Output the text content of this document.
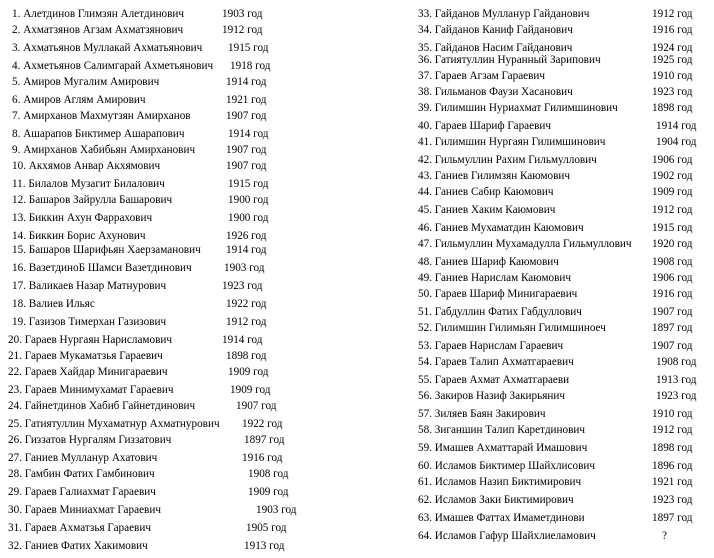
1. Алетдинов Глимзян Алетдинович	1903 год
2. Ахматзянов Агзам Ахматзянович	1912 год
3. Ахматьянов Муллакай Ахматьянович 1915 год
4. Ахметьянов Салимгарай Ахметьянович 1918 год
5. Амиров Мугалим Амирович	1914 год
6. Амиров Аглям Амирович	1921 год
7. Амирханов Махмутзян Амирханов	1907 год
8. Ашарапов Биктимер Ашарапович	1914 год
9. Амирханов Хабибьян Амирханович	1907 год
10. Акхямов Анвар Акхямович	1907 год
11. Билалов Музагит Билалович	1915 год
12. Башаров Зайрулла Башарович	1900 год
13. Биккин Ахун Фаррахович	1900 год
14. Биккин Борис Ахунович	1926 год
15. Башаров Шарифьян Хаерзаманович 1914 год
16. ВазетдиноБ Шамси Вазетдинович	1903 год
17. Валикаев Назар Матнурович	1923 год
18. Валиев Ильяс	1922 год
19. Газизов Тимерхан Газизович	1912 год
20. Гараев Нургаян Нарисламович	1914 год
21. Гараев Мукаматзья Гараевич	1898 год
22. Гараев Хайдар Минигараевич	1909 год
23. Гараев Минимухамат Гараевич	1909 год
24. Гайнетдинов Хабиб Гайнетдинович	1907 год
25. Гатиятуллин Мухаматнур Ахматнурович 1922 год
26. Гиззатов Нургалям Гиззатович	1897 год
27. Ганиев Мулланур Ахатович	1916 год
28. Гамбин Фатих Гамбинович	1908 год
29. Гараев Галиахмат Гараевич	1909 год
30. Гараев Миниахмат Гараевич	1903 год
31. Гараев Ахматзья Гараевич	1905 год
32. Ганиев Фатих Хакимович	1913 год
33. Гайданов Мулланур Гайданович	1912 год
34. Гайданов Каниф Гайданович	1916 год
35. Гайданов Насим Гайданович	1924 год
36. Гатиятуллин Нуранный Зарипович	1925 год
37. Гараев Агзам Гараевич	1910 год
38. Гильманов Фаузи Хасанович	1923 год
39. Гилимшин Нуриахмат Гилимшинович	1898 год
40. Гараев Шариф Гараевич	1914 год
41. Гилимшин Нургаян Гилимшинович	1904 год
42. Гильмуллин Рахим Гильмуллович	1906 год
43. Ганиев Гилимзян Каюмович	1902 год
44. Ганиев Сабир Каюмович	1909 год
45. Ганиев Хаким Каюмович	1912 год
46. Ганиев Мухаматдин Каюмович	1915 год
47. Гильмуллин Мухамадулла Гильмуллович 1920 год
48. Ганиев Шариф Каюмович	1908 год
49. Ганиев Нарислам Каюмович	1906 год
50. Гараев Шариф Минигараевич	1916 год
51. Габдуллин Фатих Габдуллович	1907 год
52. Гилимшин Гилимьян Гилимшиноеч	1897 год
53. Гараев Нарислам Гараевич	1907 год
54. Гараев Талип Ахматгараевич	1908 год
55. Гараев Ахмат Ахматгараеви	1913 год
56. Закиров Назиф Закирьянич	1923 год
57. Зиляев Баян Закирович	1910 год
58. Зиганшин Талип Каретдинович	1912 год
59. Имашев Ахматтарай Имашович	1898 год
60. Исламов Биктимер Шайхлисович	1896 год
61. Исламов Назип Биктимирович	1921 год
62. Исламов Заки Биктимирович	1923 год
63. Имашев Фаттах Имаметдинови	1897 год
64. Исламов Гафур Шайхлиеламович	?
